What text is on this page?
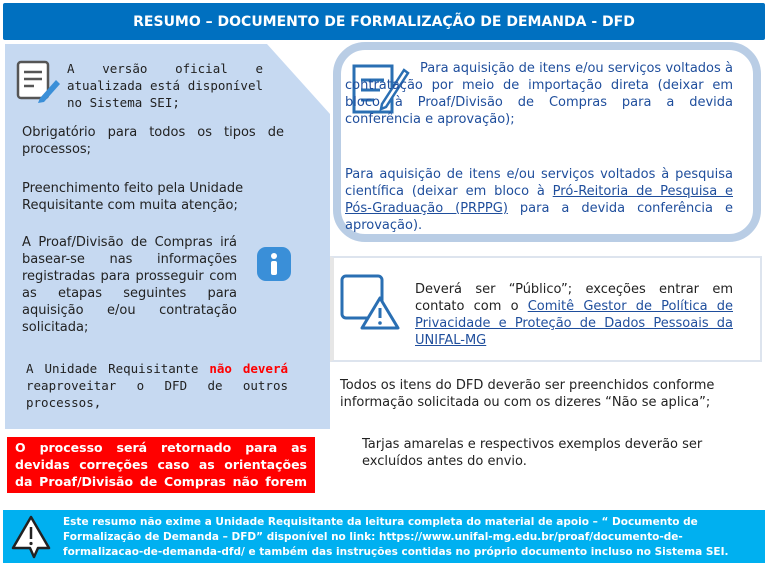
RESUMO – DOCUMENTO DE FORMALIZAÇÃO DE DEMANDA - DFD
A versão oficial e atualizada está disponível no Sistema SEI;
Obrigatório para todos os tipos de processos;
Preenchimento feito pela Unidade Requisitante com muita atenção;
A Proaf/Divisão de Compras irá basear-se nas informações registradas para prosseguir com as etapas seguintes para aquisição e/ou contratação solicitada;
A Unidade Requisitante não deverá reaproveitar o DFD de outros processos,
O processo será retornado para as devidas correções caso as orientações da Proaf/Divisão de Compras não forem seguidas.
Para aquisição de itens e/ou serviços voltados à contratação por meio de importação direta (deixar em bloco à Proaf/Divisão de Compras para a devida conferência e aprovação);
Para aquisição de itens e/ou serviços voltados à pesquisa científica (deixar em bloco à Pró-Reitoria de Pesquisa e Pós-Graduação (PRPPG) para a devida conferência e aprovação).
Deverá ser “Público”; exceções entrar em contato com o Comitê Gestor de Política de Privacidade e Proteção de Dados Pessoais da UNIFAL-MG
Todos os itens do DFD deverão ser preenchidos conforme informação solicitada ou com os dizeres “Não se aplica”;
Tarjas amarelas e respectivos exemplos deverão ser excluídos antes do envio.
Este resumo não exime a Unidade Requisitante da leitura completa do material de apoio – “ Documento de Formalização de Demanda – DFD” disponível no link: https://www.unifal-mg.edu.br/proaf/documento-de-formalizacao-de-demanda-dfd/ e também das instruções contidas no próprio documento incluso no Sistema SEI.
